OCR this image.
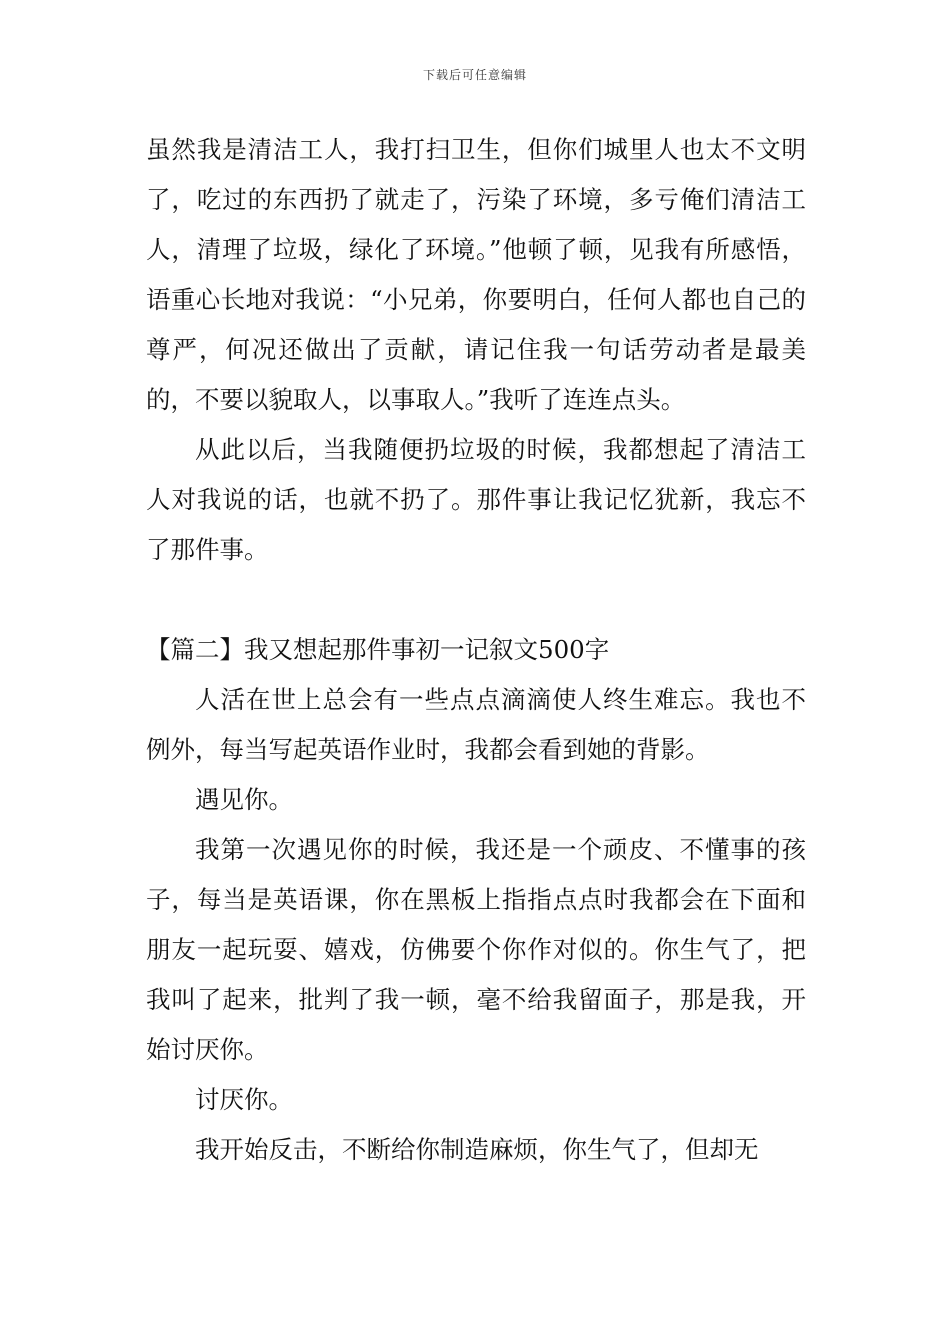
下载后可任意编辑

虽然我是清洁工人，我打扫卫生，但你们城里人也太不文明了，吃过的东西扔了就走了，污染了环境，多亏俺们清洁工人，清理了垃圾，绿化了环境。”他顿了顿，见我有所感悟，语重心长地对我说：“小兄弟，你要明白，任何人都也自己的尊严，何况还做出了贡献，请记住我一句话劳动者是最美的，不要以貌取人，以事取人。”我听了连连点头。

从此以后，当我随便扔垃圾的时候，我都想起了清洁工人对我说的话，也就不扔了。那件事让我记忆犹新，我忘不了那件事。

【篇二】我又想起那件事初一记叙文500字

人活在世上总会有一些点点滴滴使人终生难忘。我也不例外，每当写起英语作业时，我都会看到她的背影。

遇见你。

我第一次遇见你的时候，我还是一个顽皮、不懂事的孩子，每当是英语课，你在黑板上指指点点时我都会在下面和朋友一起玩耍、嬉戏，仿佛要个你作对似的。你生气了，把我叫了起来，批判了我一顿，毫不给我留面子，那是我，开始讨厌你。

讨厌你。

我开始反击，不断给你制造麻烦，你生气了，但却无
